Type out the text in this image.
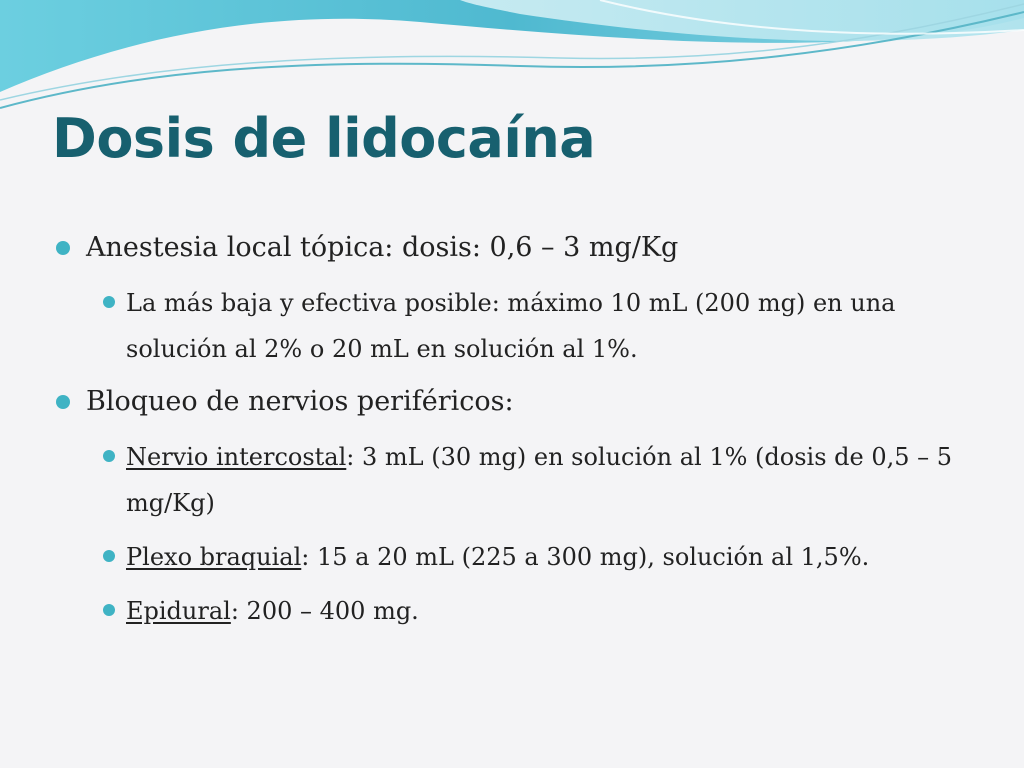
Dosis de lidocaína
Anestesia local tópica: dosis: 0,6 – 3 mg/Kg
La más baja y efectiva posible: máximo 10 mL (200 mg) en una solución al 2% o 20 mL en solución al 1%.
Bloqueo de nervios periféricos:
Nervio intercostal: 3 mL (30 mg) en solución al 1% (dosis de 0,5 – 5 mg/Kg)
Plexo braquial: 15 a 20 mL (225 a 300 mg), solución al 1,5%.
Epidural: 200 – 400 mg.
